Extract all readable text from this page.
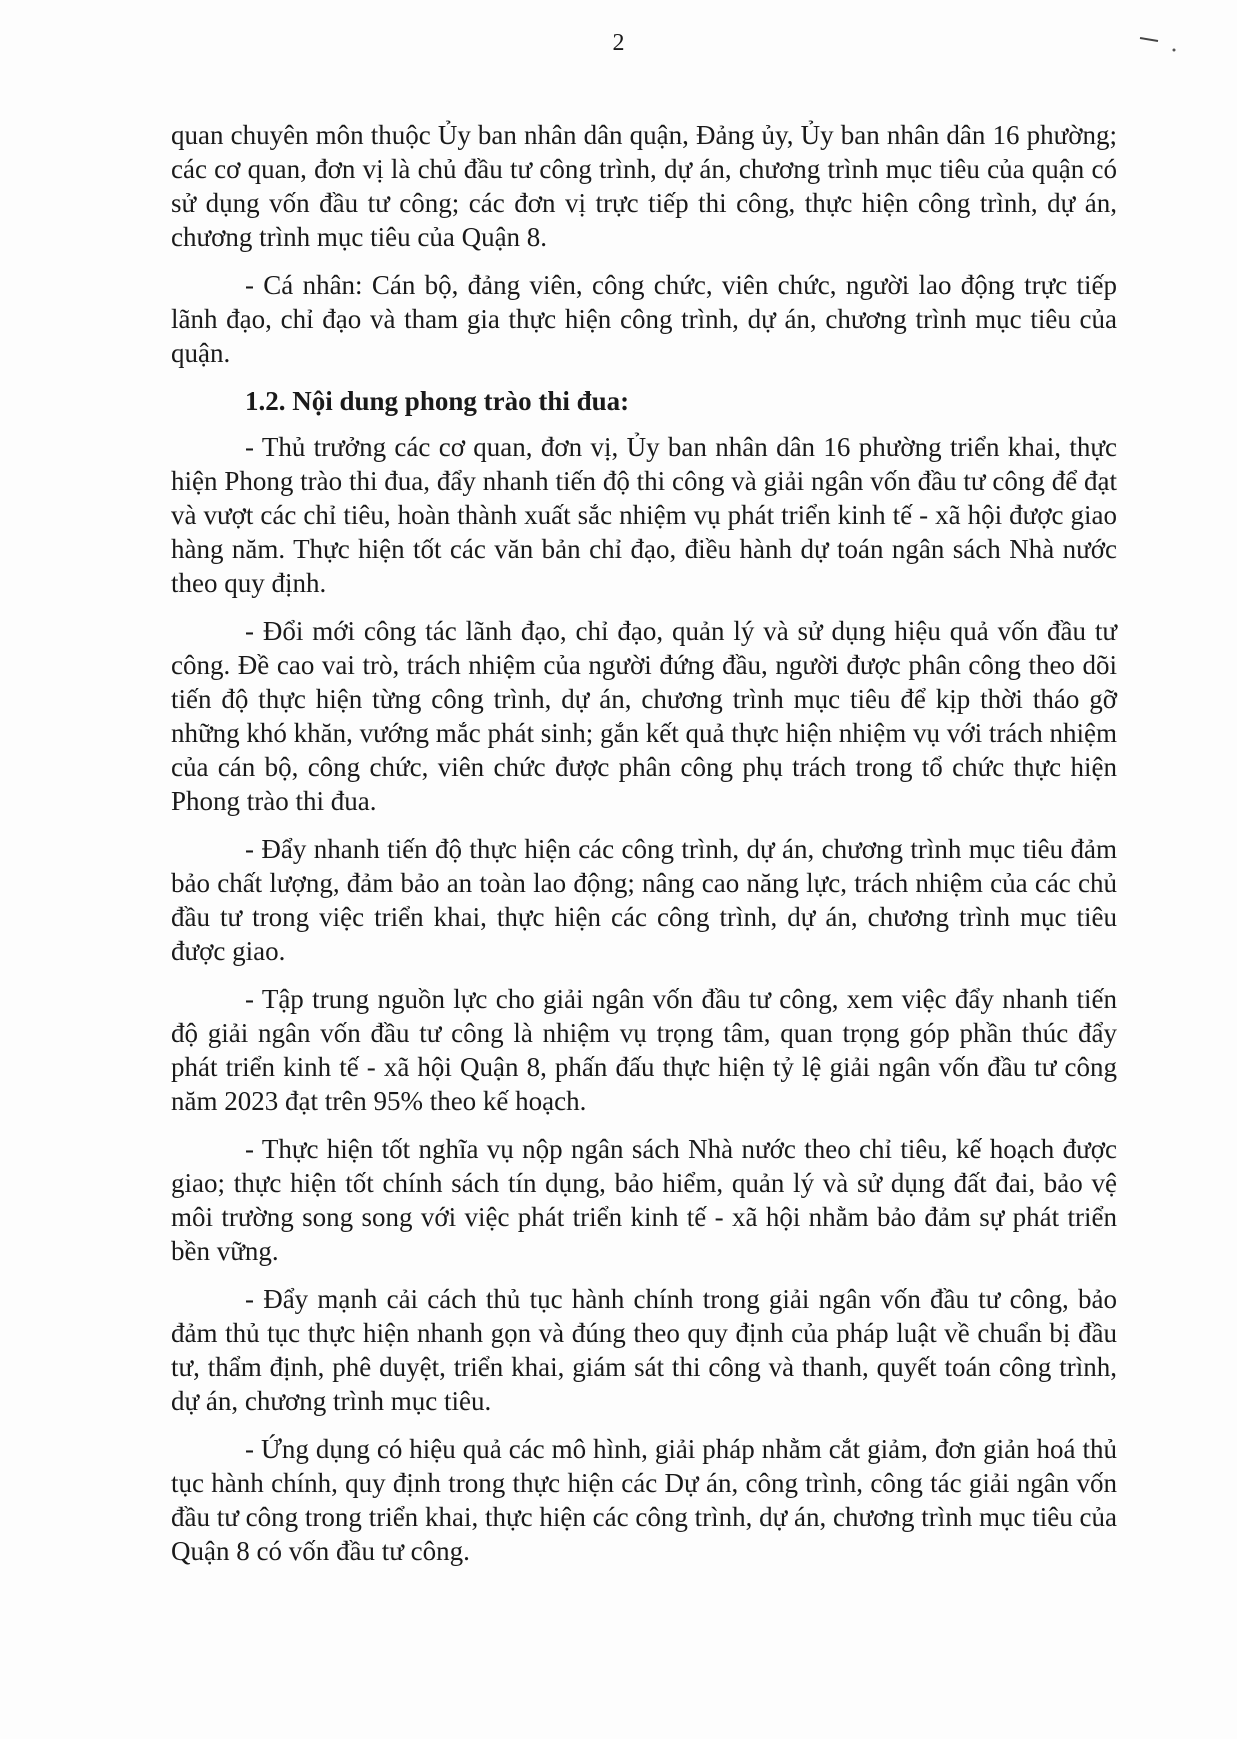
2

quan chuyên môn thuộc Ủy ban nhân dân quận, Đảng ủy, Ủy ban nhân dân 16 phường; các cơ quan, đơn vị là chủ đầu tư công trình, dự án, chương trình mục tiêu của quận có sử dụng vốn đầu tư công; các đơn vị trực tiếp thi công, thực hiện công trình, dự án, chương trình mục tiêu của Quận 8.

- Cá nhân: Cán bộ, đảng viên, công chức, viên chức, người lao động trực tiếp lãnh đạo, chỉ đạo và tham gia thực hiện công trình, dự án, chương trình mục tiêu của quận.

1.2. Nội dung phong trào thi đua:

- Thủ trưởng các cơ quan, đơn vị, Ủy ban nhân dân 16 phường triển khai, thực hiện Phong trào thi đua, đẩy nhanh tiến độ thi công và giải ngân vốn đầu tư công để đạt và vượt các chỉ tiêu, hoàn thành xuất sắc nhiệm vụ phát triển kinh tế - xã hội được giao hàng năm. Thực hiện tốt các văn bản chỉ đạo, điều hành dự toán ngân sách Nhà nước theo quy định.

- Đổi mới công tác lãnh đạo, chỉ đạo, quản lý và sử dụng hiệu quả vốn đầu tư công. Đề cao vai trò, trách nhiệm của người đứng đầu, người được phân công theo dõi tiến độ thực hiện từng công trình, dự án, chương trình mục tiêu để kịp thời tháo gỡ những khó khăn, vướng mắc phát sinh; gắn kết quả thực hiện nhiệm vụ với trách nhiệm của cán bộ, công chức, viên chức được phân công phụ trách trong tổ chức thực hiện Phong trào thi đua.

- Đẩy nhanh tiến độ thực hiện các công trình, dự án, chương trình mục tiêu đảm bảo chất lượng, đảm bảo an toàn lao động; nâng cao năng lực, trách nhiệm của các chủ đầu tư trong việc triển khai, thực hiện các công trình, dự án, chương trình mục tiêu được giao.

- Tập trung nguồn lực cho giải ngân vốn đầu tư công, xem việc đẩy nhanh tiến độ giải ngân vốn đầu tư công là nhiệm vụ trọng tâm, quan trọng góp phần thúc đẩy phát triển kinh tế - xã hội Quận 8, phấn đấu thực hiện tỷ lệ giải ngân vốn đầu tư công năm 2023 đạt trên 95% theo kế hoạch.

- Thực hiện tốt nghĩa vụ nộp ngân sách Nhà nước theo chỉ tiêu, kế hoạch được giao; thực hiện tốt chính sách tín dụng, bảo hiểm, quản lý và sử dụng đất đai, bảo vệ môi trường song song với việc phát triển kinh tế - xã hội nhằm bảo đảm sự phát triển bền vững.

- Đẩy mạnh cải cách thủ tục hành chính trong giải ngân vốn đầu tư công, bảo đảm thủ tục thực hiện nhanh gọn và đúng theo quy định của pháp luật về chuẩn bị đầu tư, thẩm định, phê duyệt, triển khai, giám sát thi công và thanh, quyết toán công trình, dự án, chương trình mục tiêu.

- Ứng dụng có hiệu quả các mô hình, giải pháp nhằm cắt giảm, đơn giản hoá thủ tục hành chính, quy định trong thực hiện các Dự án, công trình, công tác giải ngân vốn đầu tư công trong triển khai, thực hiện các công trình, dự án, chương trình mục tiêu của Quận 8 có vốn đầu tư công.
